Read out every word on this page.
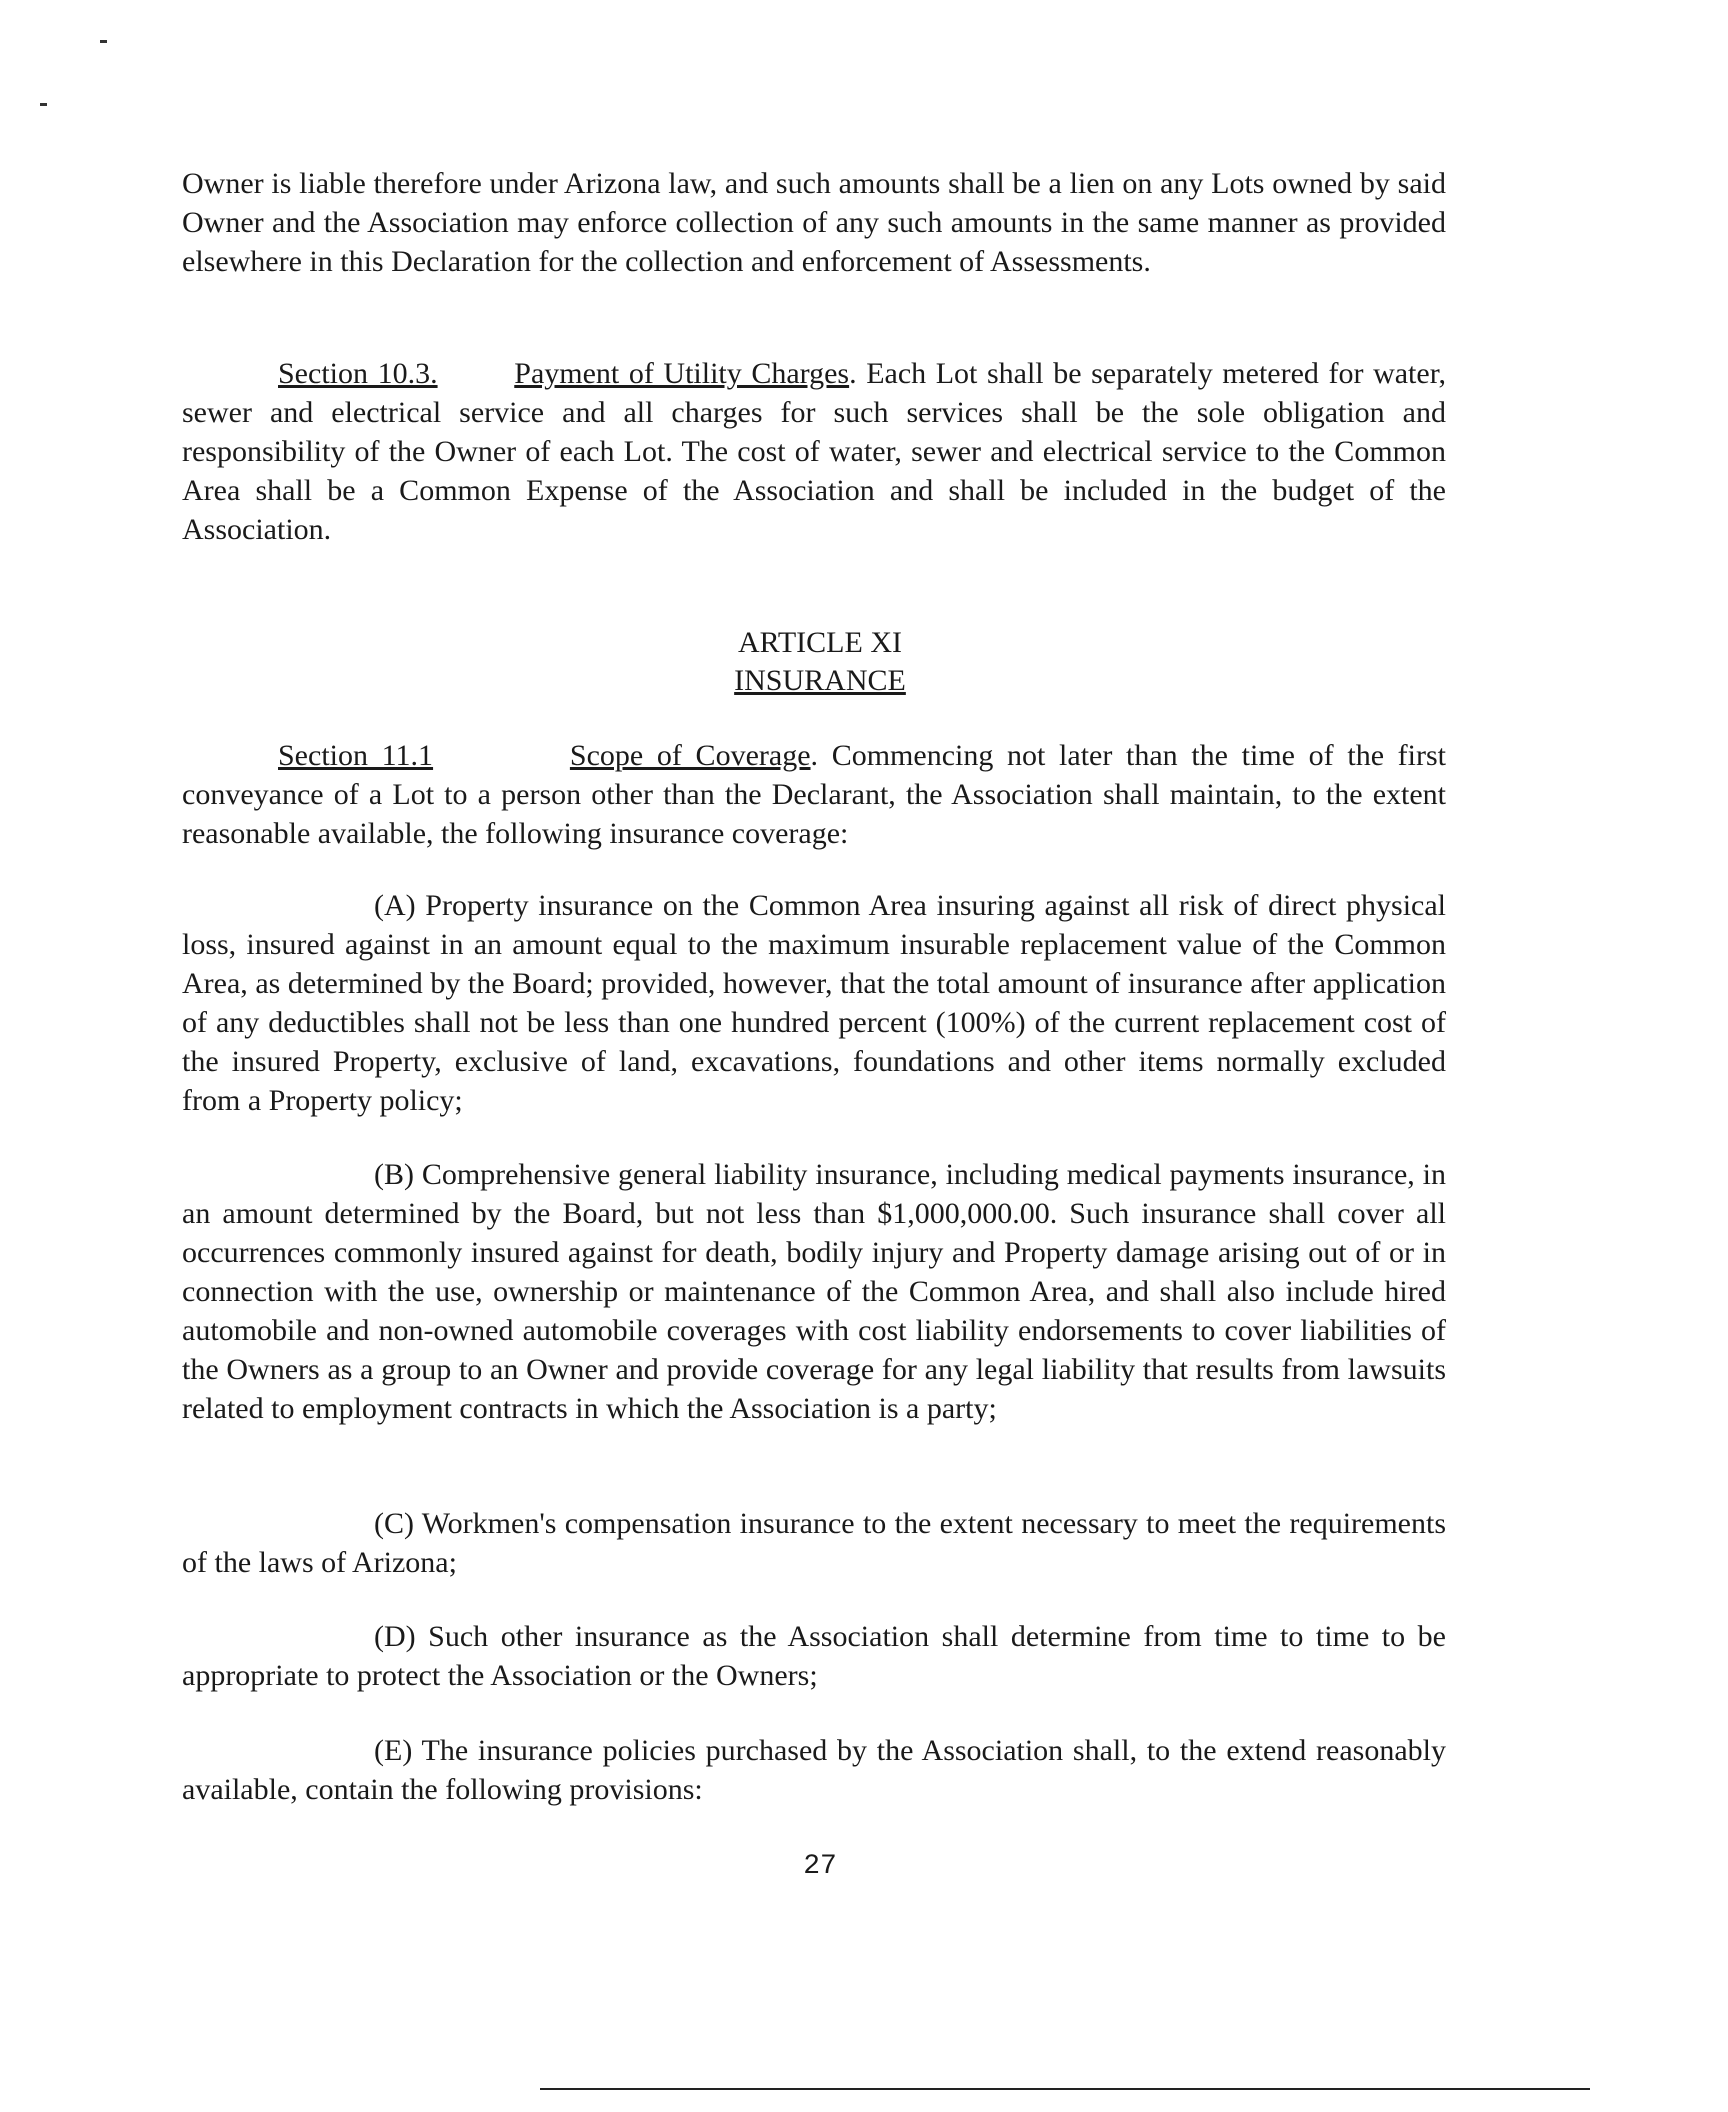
Owner is liable therefore under Arizona law, and such amounts shall be a lien on any Lots owned by said Owner and the Association may enforce collection of any such amounts in the same manner as provided elsewhere in this Declaration for the collection and enforcement of Assessments.

Section 10.3.	Payment of Utility Charges. Each Lot shall be separately metered for water, sewer and electrical service and all charges for such services shall be the sole obligation and responsibility of the Owner of each Lot. The cost of water, sewer and electrical service to the Common Area shall be a Common Expense of the Association and shall be included in the budget of the Association.

ARTICLE XI

INSURANCE

Section 11.1	Scope of Coverage. Commencing not later than the time of the first conveyance of a Lot to a person other than the Declarant, the Association shall maintain, to the extent reasonable available, the following insurance coverage:

(A) Property insurance on the Common Area insuring against all risk of direct physical loss, insured against in an amount equal to the maximum insurable replacement value of the Common Area, as determined by the Board; provided, however, that the total amount of insurance after application of any deductibles shall not be less than one hundred percent (100%) of the current replacement cost of the insured Property, exclusive of land, excavations, foundations and other items normally excluded from a Property policy;

(B) Comprehensive general liability insurance, including medical payments insurance, in an amount determined by the Board, but not less than $1,000,000.00. Such insurance shall cover all occurrences commonly insured against for death, bodily injury and Property damage arising out of or in connection with the use, ownership or maintenance of the Common Area, and shall also include hired automobile and non-owned automobile coverages with cost liability endorsements to cover liabilities of the Owners as a group to an Owner and provide coverage for any legal liability that results from lawsuits related to employment contracts in which the Association is a party;

(C) Workmen's compensation insurance to the extent necessary to meet the requirements of the laws of Arizona;

(D) Such other insurance as the Association shall determine from time to time to be appropriate to protect the Association or the Owners;

(E) The insurance policies purchased by the Association shall, to the extend reasonably available, contain the following provisions:

27
